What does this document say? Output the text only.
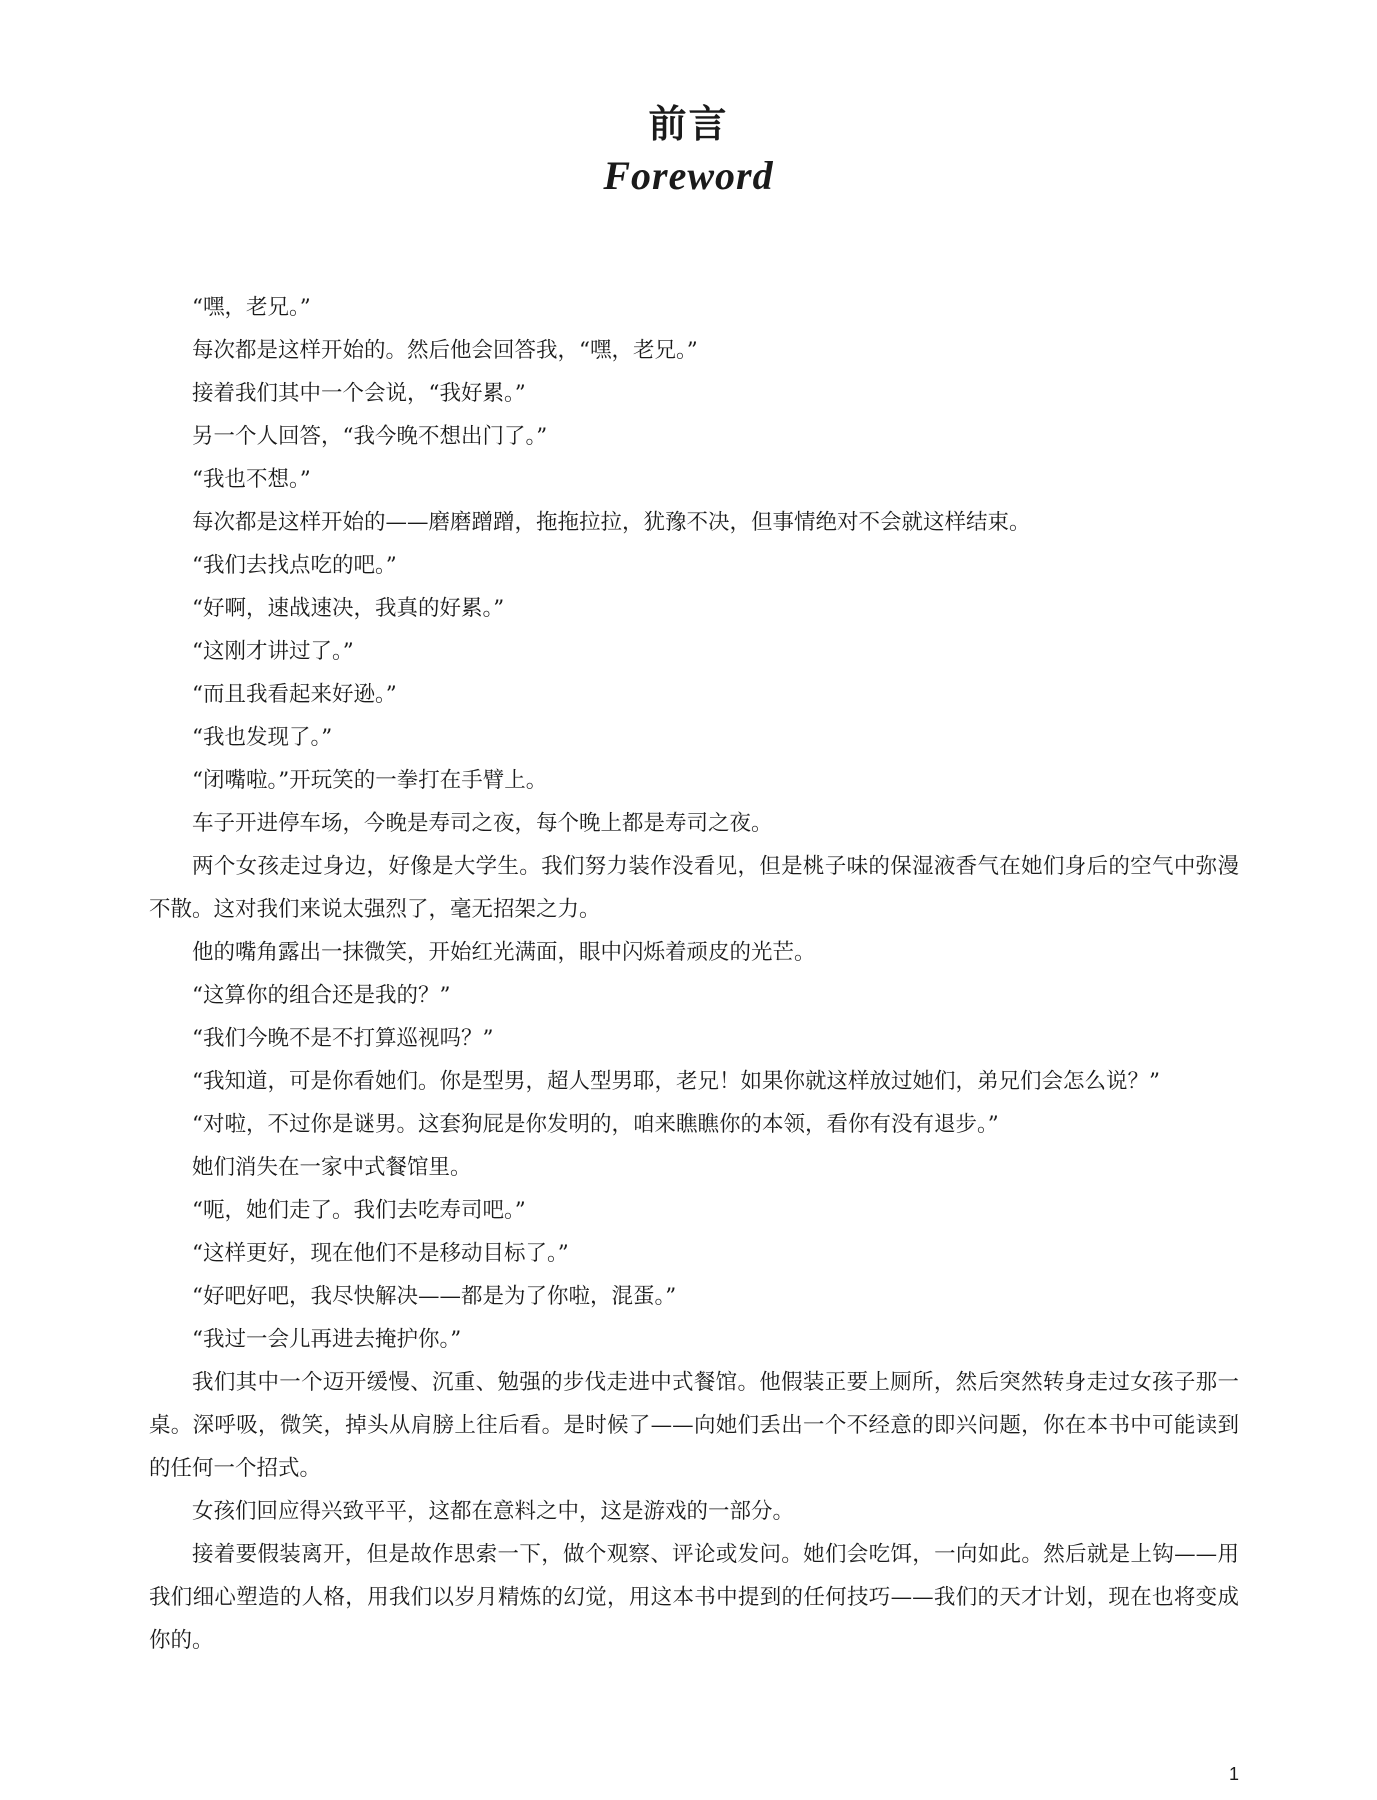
前言
Foreword

“嘿，老兄。”

每次都是这样开始的。然后他会回答我，“嘿，老兄。”

接着我们其中一个会说，“我好累。”

另一个人回答，“我今晚不想出门了。”

“我也不想。”

每次都是这样开始的——磨磨蹭蹭，拖拖拉拉，犹豫不决，但事情绝对不会就这样结束。

“我们去找点吃的吧。”

“好啊，速战速决，我真的好累。”

“这刚才讲过了。”

“而且我看起来好逊。”

“我也发现了。”

“闭嘴啦。”开玩笑的一拳打在手臂上。

车子开进停车场，今晚是寿司之夜，每个晚上都是寿司之夜。

两个女孩走过身边，好像是大学生。我们努力装作没看见，但是桃子味的保湿液香气在她们身后的空气中弥漫不散。这对我们来说太强烈了，毫无招架之力。

他的嘴角露出一抹微笑，开始红光满面，眼中闪烁着顽皮的光芒。

“这算你的组合还是我的？”

“我们今晚不是不打算巡视吗？”

“我知道，可是你看她们。你是型男，超人型男耶，老兄！如果你就这样放过她们，弟兄们会怎么说？”

“对啦，不过你是谜男。这套狗屁是你发明的，咱来瞧瞧你的本领，看你有没有退步。”

她们消失在一家中式餐馆里。

“呃，她们走了。我们去吃寿司吧。”

“这样更好，现在他们不是移动目标了。”

“好吧好吧，我尽快解决——都是为了你啦，混蛋。”

“我过一会儿再进去掩护你。”

我们其中一个迈开缓慢、沉重、勉强的步伐走进中式餐馆。他假装正要上厕所，然后突然转身走过女孩子那一桌。深呼吸，微笑，掉头从肩膀上往后看。是时候了——向她们丢出一个不经意的即兴问题，你在本书中可能读到的任何一个招式。

女孩们回应得兴致平平，这都在意料之中，这是游戏的一部分。

接着要假装离开，但是故作思索一下，做个观察、评论或发问。她们会吃饵，一向如此。然后就是上钩——用我们细心塑造的人格，用我们以岁月精炼的幻觉，用这本书中提到的任何技巧——我们的天才计划，现在也将变成你的。

1
